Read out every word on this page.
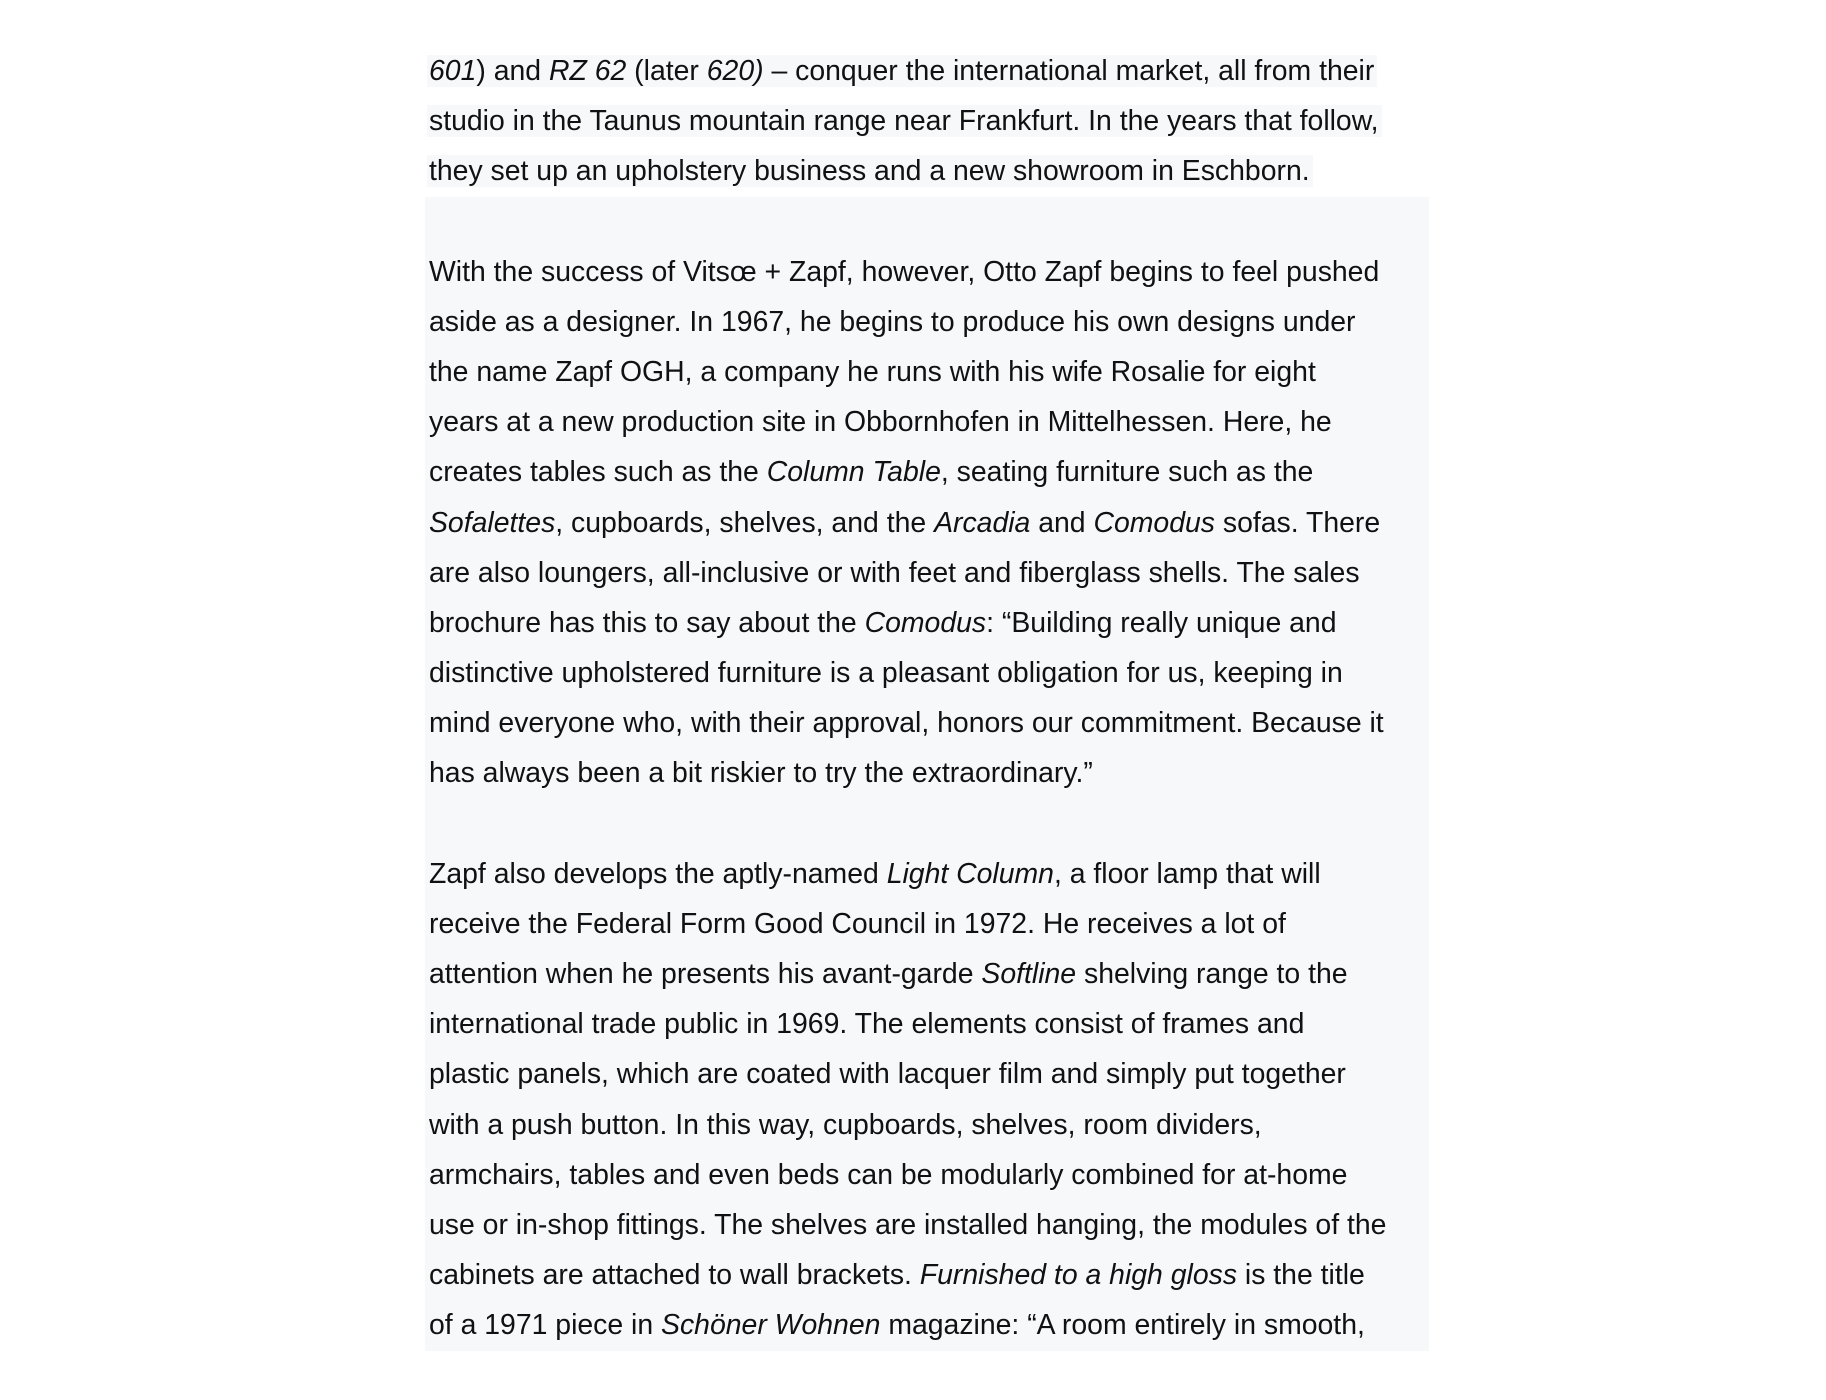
601) and RZ 62 (later 620) – conquer the international market, all from their
studio in the Taunus mountain range near Frankfurt. In the years that follow,
they set up an upholstery business and a new showroom in Eschborn.
With the success of Vitsœ + Zapf, however, Otto Zapf begins to feel pushed
aside as a designer. In 1967, he begins to produce his own designs under
the name Zapf OGH, a company he runs with his wife Rosalie for eight
years at a new production site in Obbornhofen in Mittelhessen. Here, he
creates tables such as the Column Table, seating furniture such as the
Sofalettes, cupboards, shelves, and the Arcadia and Comodus sofas. There
are also loungers, all-inclusive or with feet and fiberglass shells. The sales
brochure has this to say about the Comodus: “Building really unique and
distinctive upholstered furniture is a pleasant obligation for us, keeping in
mind everyone who, with their approval, honors our commitment. Because it
has always been a bit riskier to try the extraordinary.”
Zapf also develops the aptly-named Light Column, a floor lamp that will
receive the Federal Form Good Council in 1972. He receives a lot of
attention when he presents his avant-garde Softline shelving range to the
international trade public in 1969. The elements consist of frames and
plastic panels, which are coated with lacquer film and simply put together
with a push button. In this way, cupboards, shelves, room dividers,
armchairs, tables and even beds can be modularly combined for at-home
use or in-shop fittings. The shelves are installed hanging, the modules of the
cabinets are attached to wall brackets. Furnished to a high gloss is the title
of a 1971 piece in Schöner Wohnen magazine: “A room entirely in smooth,
